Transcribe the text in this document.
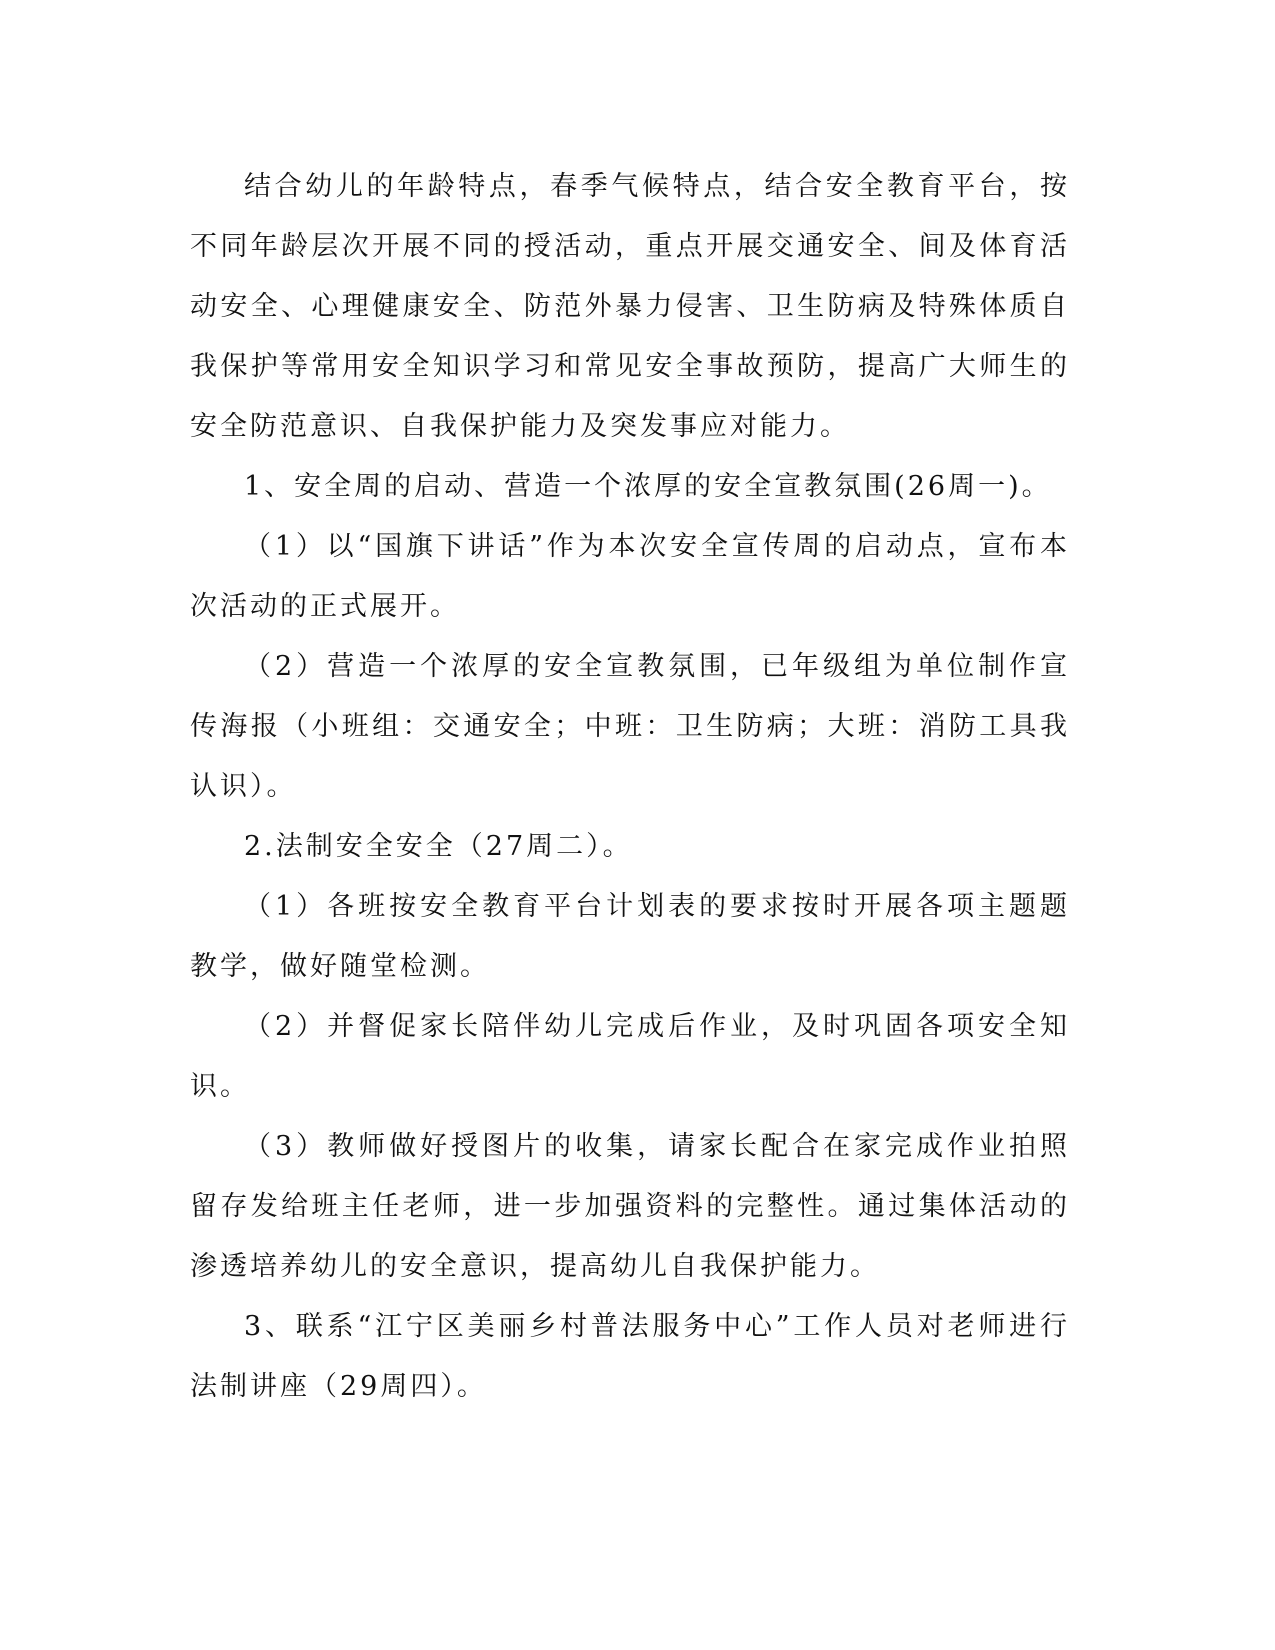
结合幼儿的年龄特点，春季气候特点，结合安全教育平台，按不同年龄层次开展不同的授活动，重点开展交通安全、间及体育活动安全、心理健康安全、防范外暴力侵害、卫生防病及特殊体质自我保护等常用安全知识学习和常见安全事故预防，提高广大师生的安全防范意识、自我保护能力及突发事应对能力。

1、安全周的启动、营造一个浓厚的安全宣教氛围(26周一)。

（1）以“国旗下讲话”作为本次安全宣传周的启动点，宣布本次活动的正式展开。

（2）营造一个浓厚的安全宣教氛围，已年级组为单位制作宣传海报（小班组：交通安全；中班：卫生防病；大班：消防工具我认识）。

2.法制安全安全（27周二）。

（1）各班按安全教育平台计划表的要求按时开展各项主题题教学，做好随堂检测。

（2）并督促家长陪伴幼儿完成后作业，及时巩固各项安全知识。

（3）教师做好授图片的收集，请家长配合在家完成作业拍照留存发给班主任老师，进一步加强资料的完整性。通过集体活动的渗透培养幼儿的安全意识，提高幼儿自我保护能力。

3、联系“江宁区美丽乡村普法服务中心”工作人员对老师进行法制讲座（29周四）。
